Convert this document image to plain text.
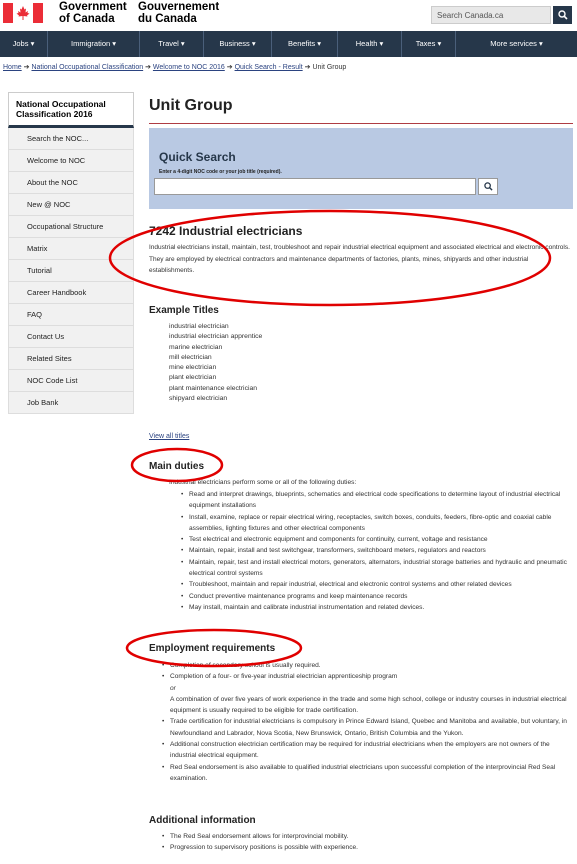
Government
of Canada
Gouvernement
du Canada	Search Canada.ca
Jobs ▾	Immigration ▾	Travel ▾	Business ▾	Benefits ▾	Health ▾	Taxes ▾	More services ▾
Home ➔ National Occupational Classification ➔ Welcome to NOC 2016 ➔ Quick Search - Result ➔ Unit Group
National Occupational Classification 2016
Search the NOC...
Welcome to NOC
About the NOC
New @ NOC
Occupational Structure
Matrix
Tutorial
Career Handbook
FAQ
Contact Us
Related Sites
NOC Code List
Job Bank
Unit Group
Quick Search
Enter a 4-digit NOC code or your job title (required).
7242 Industrial electricians
Industrial electricians install, maintain, test, troubleshoot and repair industrial electrical equipment and associated electrical and electronic controls. They are employed by electrical contractors and maintenance departments of factories, plants, mines, shipyards and other industrial establishments.
Example Titles
industrial electrician
industrial electrician apprentice
marine electrician
mill electrician
mine electrician
plant electrician
plant maintenance electrician
shipyard electrician
View all titles
Main duties
Industrial electricians perform some or all of the following duties:
• Read and interpret drawings, blueprints, schematics and electrical code specifications to determine layout of industrial electrical equipment installations
• Install, examine, replace or repair electrical wiring, receptacles, switch boxes, conduits, feeders, fibre-optic and coaxial cable assemblies, lighting fixtures and other electrical components
• Test electrical and electronic equipment and components for continuity, current, voltage and resistance
• Maintain, repair, install and test switchgear, transformers, switchboard meters, regulators and reactors
• Maintain, repair, test and install electrical motors, generators, alternators, industrial storage batteries and hydraulic and pneumatic electrical control systems
• Troubleshoot, maintain and repair industrial, electrical and electronic control systems and other related devices
• Conduct preventive maintenance programs and keep maintenance records
• May install, maintain and calibrate industrial instrumentation and related devices.
Employment requirements
• Completion of secondary school is usually required.
• Completion of a four- or five-year industrial electrician apprenticeship program
or
A combination of over five years of work experience in the trade and some high school, college or industry courses in industrial electrical equipment is usually required to be eligible for trade certification.
• Trade certification for industrial electricians is compulsory in Prince Edward Island, Quebec and Manitoba and available, but voluntary, in Newfoundland and Labrador, Nova Scotia, New Brunswick, Ontario, British Columbia and the Yukon.
• Additional construction electrician certification may be required for industrial electricians when the employers are not owners of the industrial electrical equipment.
• Red Seal endorsement is also available to qualified industrial electricians upon successful completion of the interprovincial Red Seal examination.
Additional information
• The Red Seal endorsement allows for interprovincial mobility.
• Progression to supervisory positions is possible with experience.
